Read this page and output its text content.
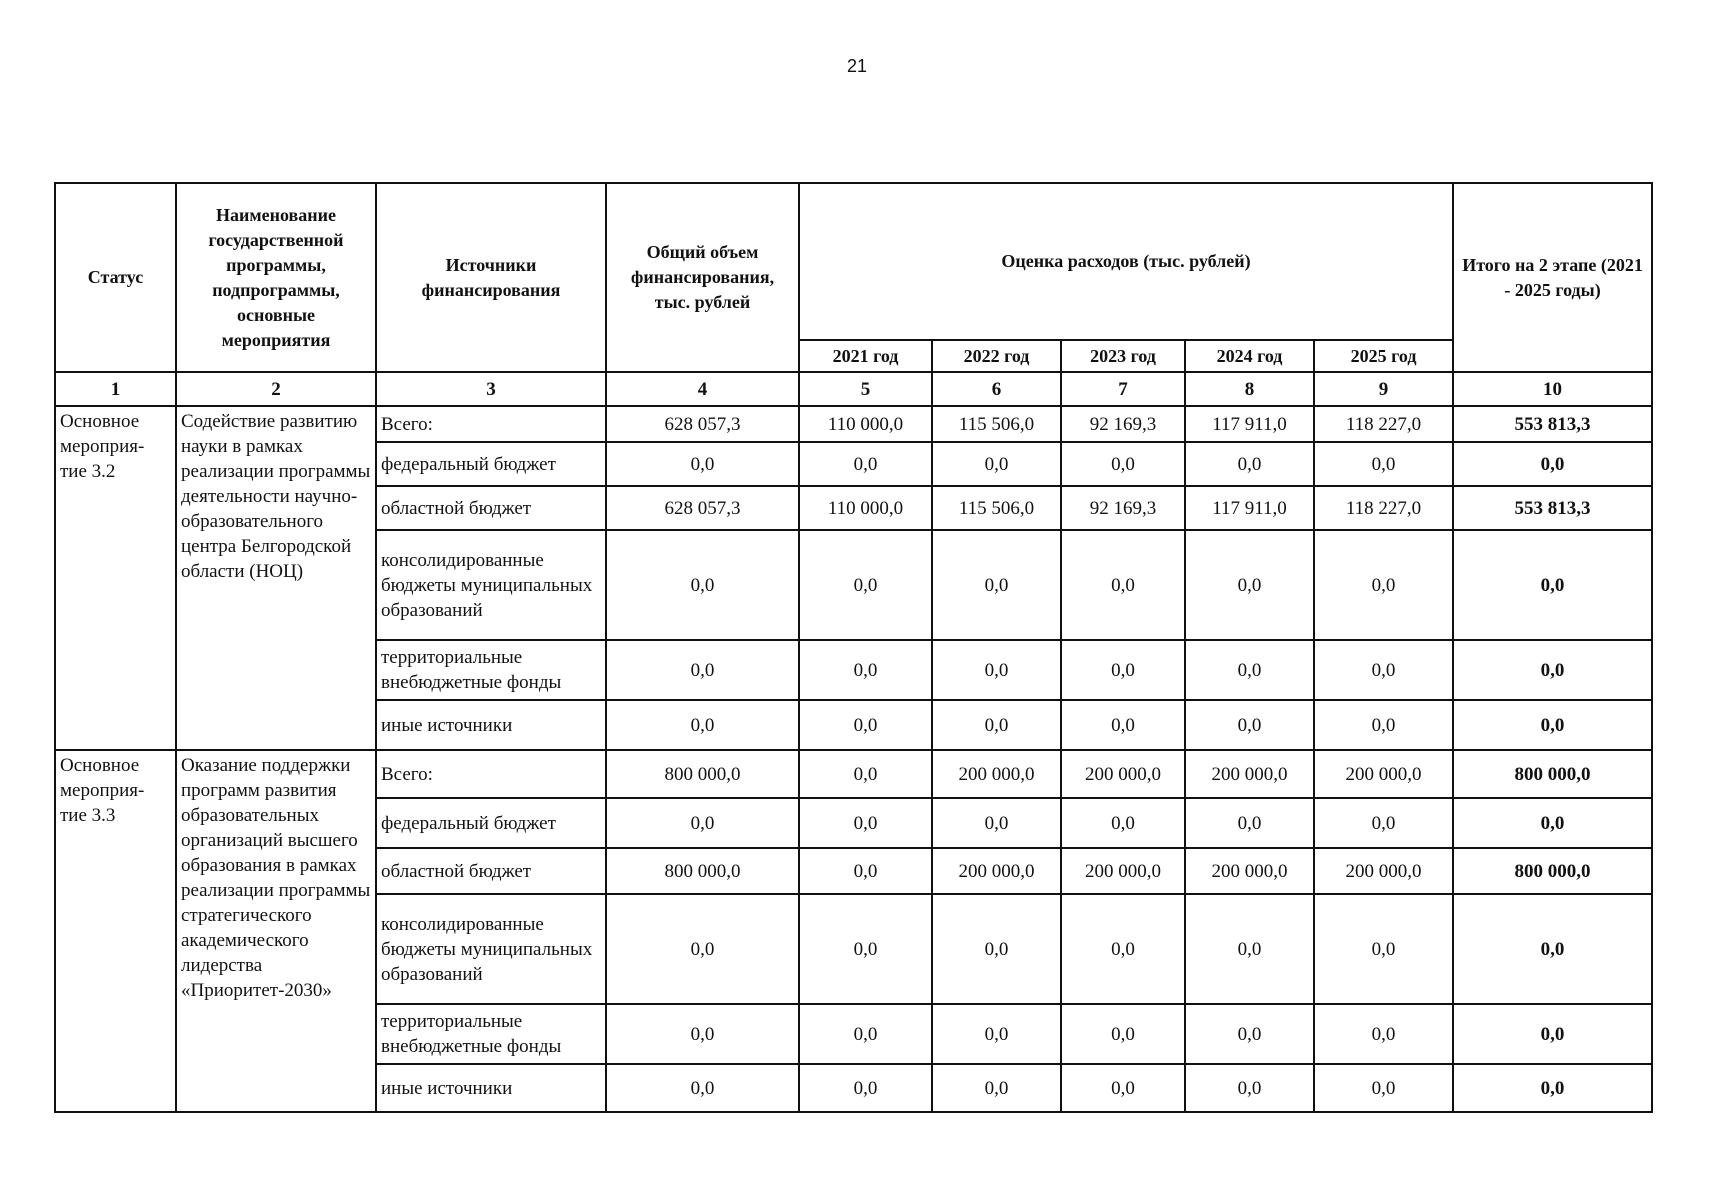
21
Статус	Наименование государственной программы, подпрограммы, основные мероприятия	Источники финансирования	Общий объем финансирования, тыс. рублей	Оценка расходов (тыс. рублей)					Итого на 2 этапе (2021 - 2025 годы)
				2021 год	2022 год	2023 год	2024 год	2025 год	
1	2	3	4	5	6	7	8	9	10
Основное мероприя-тие 3.2	Содействие развитию науки в рамках реализации программы деятельности научно-образовательного центра Белгородской области (НОЦ)	Всего:	628 057,3	110 000,0	115 506,0	92 169,3	117 911,0	118 227,0	553 813,3
		федеральный бюджет	0,0	0,0	0,0	0,0	0,0	0,0	0,0
		областной бюджет	628 057,3	110 000,0	115 506,0	92 169,3	117 911,0	118 227,0	553 813,3
		консолидированные бюджеты муниципальных образований	0,0	0,0	0,0	0,0	0,0	0,0	0,0
		территориальные внебюджетные фонды	0,0	0,0	0,0	0,0	0,0	0,0	0,0
		иные источники	0,0	0,0	0,0	0,0	0,0	0,0	0,0
Основное мероприя-тие 3.3	Оказание поддержки программ развития образовательных организаций высшего образования в рамках реализации программы стратегического академического лидерства «Приоритет-2030»	Всего:	800 000,0	0,0	200 000,0	200 000,0	200 000,0	200 000,0	800 000,0
		федеральный бюджет	0,0	0,0	0,0	0,0	0,0	0,0	0,0
		областной бюджет	800 000,0	0,0	200 000,0	200 000,0	200 000,0	200 000,0	800 000,0
		консолидированные бюджеты муниципальных образований	0,0	0,0	0,0	0,0	0,0	0,0	0,0
		территориальные внебюджетные фонды	0,0	0,0	0,0	0,0	0,0	0,0	0,0
		иные источники	0,0	0,0	0,0	0,0	0,0	0,0	0,0
